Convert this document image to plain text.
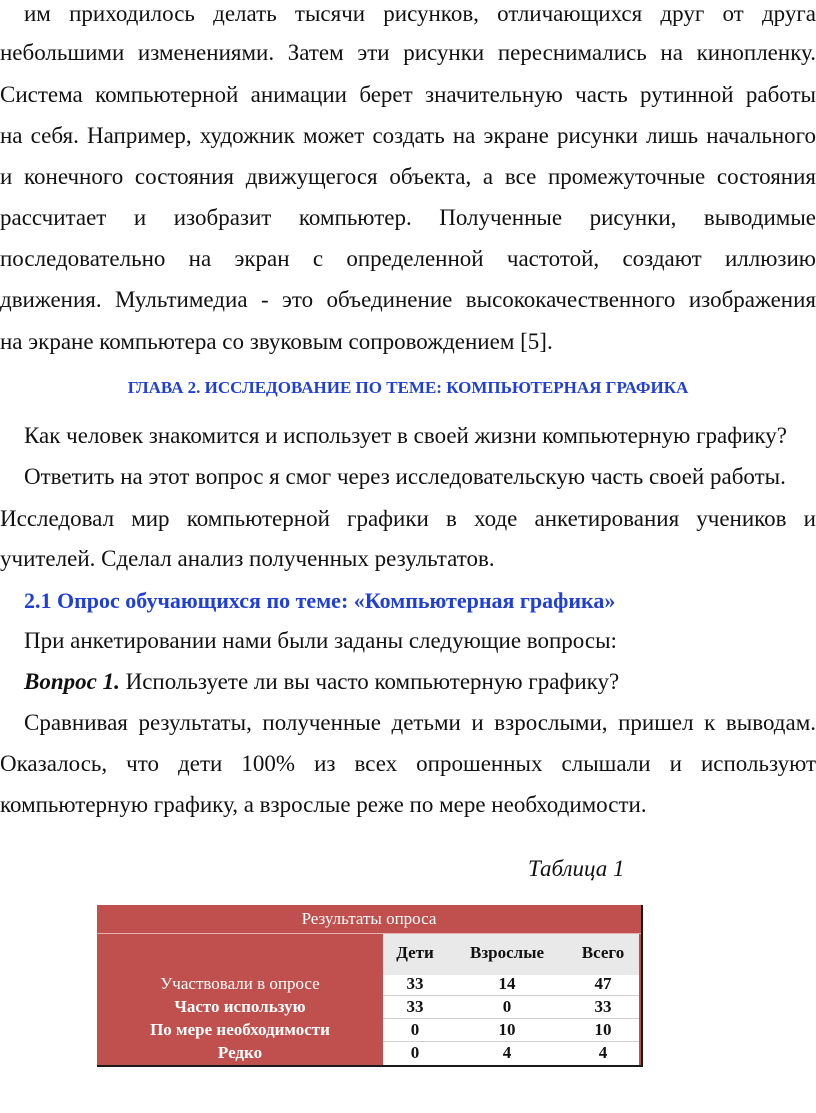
им приходилось делать тысячи рисунков, отличающихся друг от друга
небольшими изменениями. Затем эти рисунки переснимались на кинопленку.
Система компьютерной анимации берет значительную часть рутинной работы
на себя. Например, художник может создать на экране рисунки лишь начального
и конечного состояния движущегося объекта, а все промежуточные состояния
рассчитает и изобразит компьютер. Полученные рисунки, выводимые
последовательно на экран с определенной частотой, создают иллюзию
движения. Мультимедиа - это объединение высококачественного изображения
на экране компьютера со звуковым сопровождением [5].
ГЛАВА 2. ИССЛЕДОВАНИЕ ПО ТЕМЕ: КОМПЬЮТЕРНАЯ ГРАФИКА
Как человек знакомится и использует в своей жизни компьютерную графику?
Ответить на этот вопрос я смог через исследовательскую часть своей работы.
Исследовал мир компьютерной графики в ходе анкетирования учеников и
учителей. Сделал анализ полученных результатов.
2.1 Опрос обучающихся по теме: «Компьютерная графика»
При анкетировании нами были заданы следующие вопросы:
Вопрос 1. Используете ли вы часто компьютерную графику?
Сравнивая результаты, полученные детьми и взрослыми, пришел к выводам.
Оказалось, что дети 100% из всех опрошенных слышали и используют
компьютерную графику, а взрослые реже по мере необходимости.
Таблица 1
Результаты опроса
Дети	Взрослые	Всего
Участвовали в опросе	33	14	47
Часто использую	33	0	33
По мере необходимости	0	10	10
Редко	0	4	4
